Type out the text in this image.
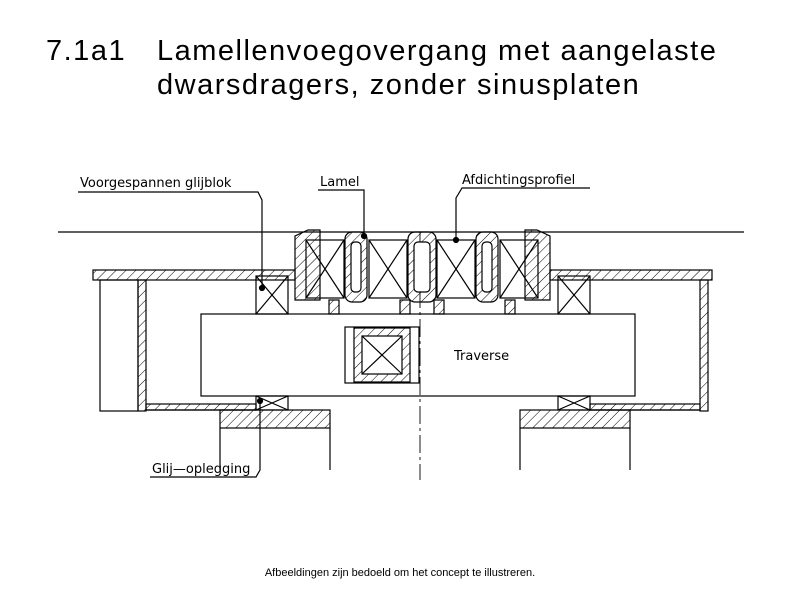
7.1a1 Lamellenvoegovergang met aangelaste dwarsdragers, zonder sinusplaten
Voorgespannen glijblok	Lamel	Afdichtingsprofiel
Traverse
Glij—oplegging
Afbeeldingen zijn bedoeld om het concept te illustreren.
